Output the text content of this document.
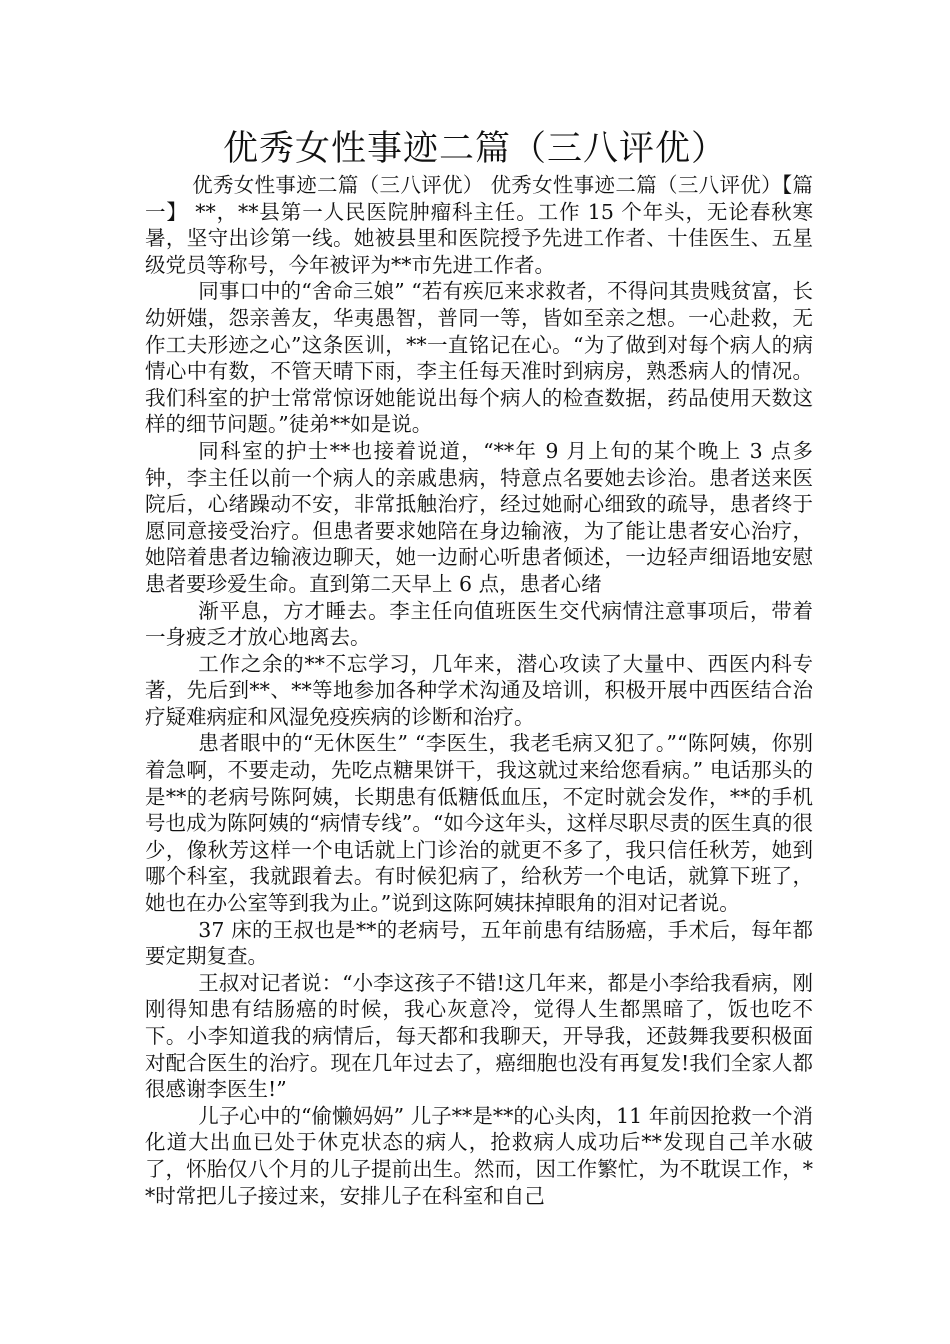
优秀女性事迹二篇（三八评优）

优秀女性事迹二篇（三八评优） 优秀女性事迹二篇（三八评优）【篇一】 **，**县第一人民医院肿瘤科主任。工作 15 个年头，无论春秋寒暑，坚守出诊第一线。她被县里和医院授予先进工作者、十佳医生、五星级党员等称号，今年被评为**市先进工作者。

同事口中的“舍命三娘” “若有疾厄来求救者，不得问其贵贱贫富，长幼妍媸，怨亲善友，华夷愚智，普同一等，皆如至亲之想。一心赴救，无作工夫形迹之心”这条医训，**一直铭记在心。“为了做到对每个病人的病情心中有数，不管天晴下雨，李主任每天准时到病房，熟悉病人的情况。我们科室的护士常常惊讶她能说出每个病人的检查数据，药品使用天数这样的细节问题。”徒弟**如是说。

同科室的护士**也接着说道，“**年 9 月上旬的某个晚上 3 点多钟，李主任以前一个病人的亲戚患病，特意点名要她去诊治。患者送来医院后，心绪躁动不安，非常抵触治疗，经过她耐心细致的疏导，患者终于愿同意接受治疗。但患者要求她陪在身边输液，为了能让患者安心治疗，她陪着患者边输液边聊天，她一边耐心听患者倾述，一边轻声细语地安慰患者要珍爱生命。直到第二天早上 6 点，患者心绪

渐平息，方才睡去。李主任向值班医生交代病情注意事项后，带着一身疲乏才放心地离去。

工作之余的**不忘学习，几年来，潜心攻读了大量中、西医内科专著，先后到**、**等地参加各种学术沟通及培训，积极开展中西医结合治疗疑难病症和风湿免疫疾病的诊断和治疗。

患者眼中的“无休医生” “李医生，我老毛病又犯了。”“陈阿姨，你别着急啊，不要走动，先吃点糖果饼干，我这就过来给您看病。” 电话那头的是**的老病号陈阿姨，长期患有低糖低血压，不定时就会发作，**的手机号也成为陈阿姨的“病情专线”。“如今这年头，这样尽职尽责的医生真的很少，像秋芳这样一个电话就上门诊治的就更不多了，我只信任秋芳，她到哪个科室，我就跟着去。有时候犯病了，给秋芳一个电话，就算下班了，她也在办公室等到我为止。”说到这陈阿姨抹掉眼角的泪对记者说。

37 床的王叔也是**的老病号，五年前患有结肠癌，手术后，每年都要定期复查。

王叔对记者说：“小李这孩子不错!这几年来，都是小李给我看病，刚刚得知患有结肠癌的时候，我心灰意冷，觉得人生都黑暗了，饭也吃不下。小李知道我的病情后，每天都和我聊天，开导我，还鼓舞我要积极面对配合医生的治疗。现在几年过去了，癌细胞也没有再复发!我们全家人都很感谢李医生!”

儿子心中的“偷懒妈妈” 儿子**是**的心头肉，11 年前因抢救一个消化道大出血已处于休克状态的病人，抢救病人成功后**发现自己羊水破了，怀胎仅八个月的儿子提前出生。然而，因工作繁忙，为不耽误工作，**时常把儿子接过来，安排儿子在科室和自己
